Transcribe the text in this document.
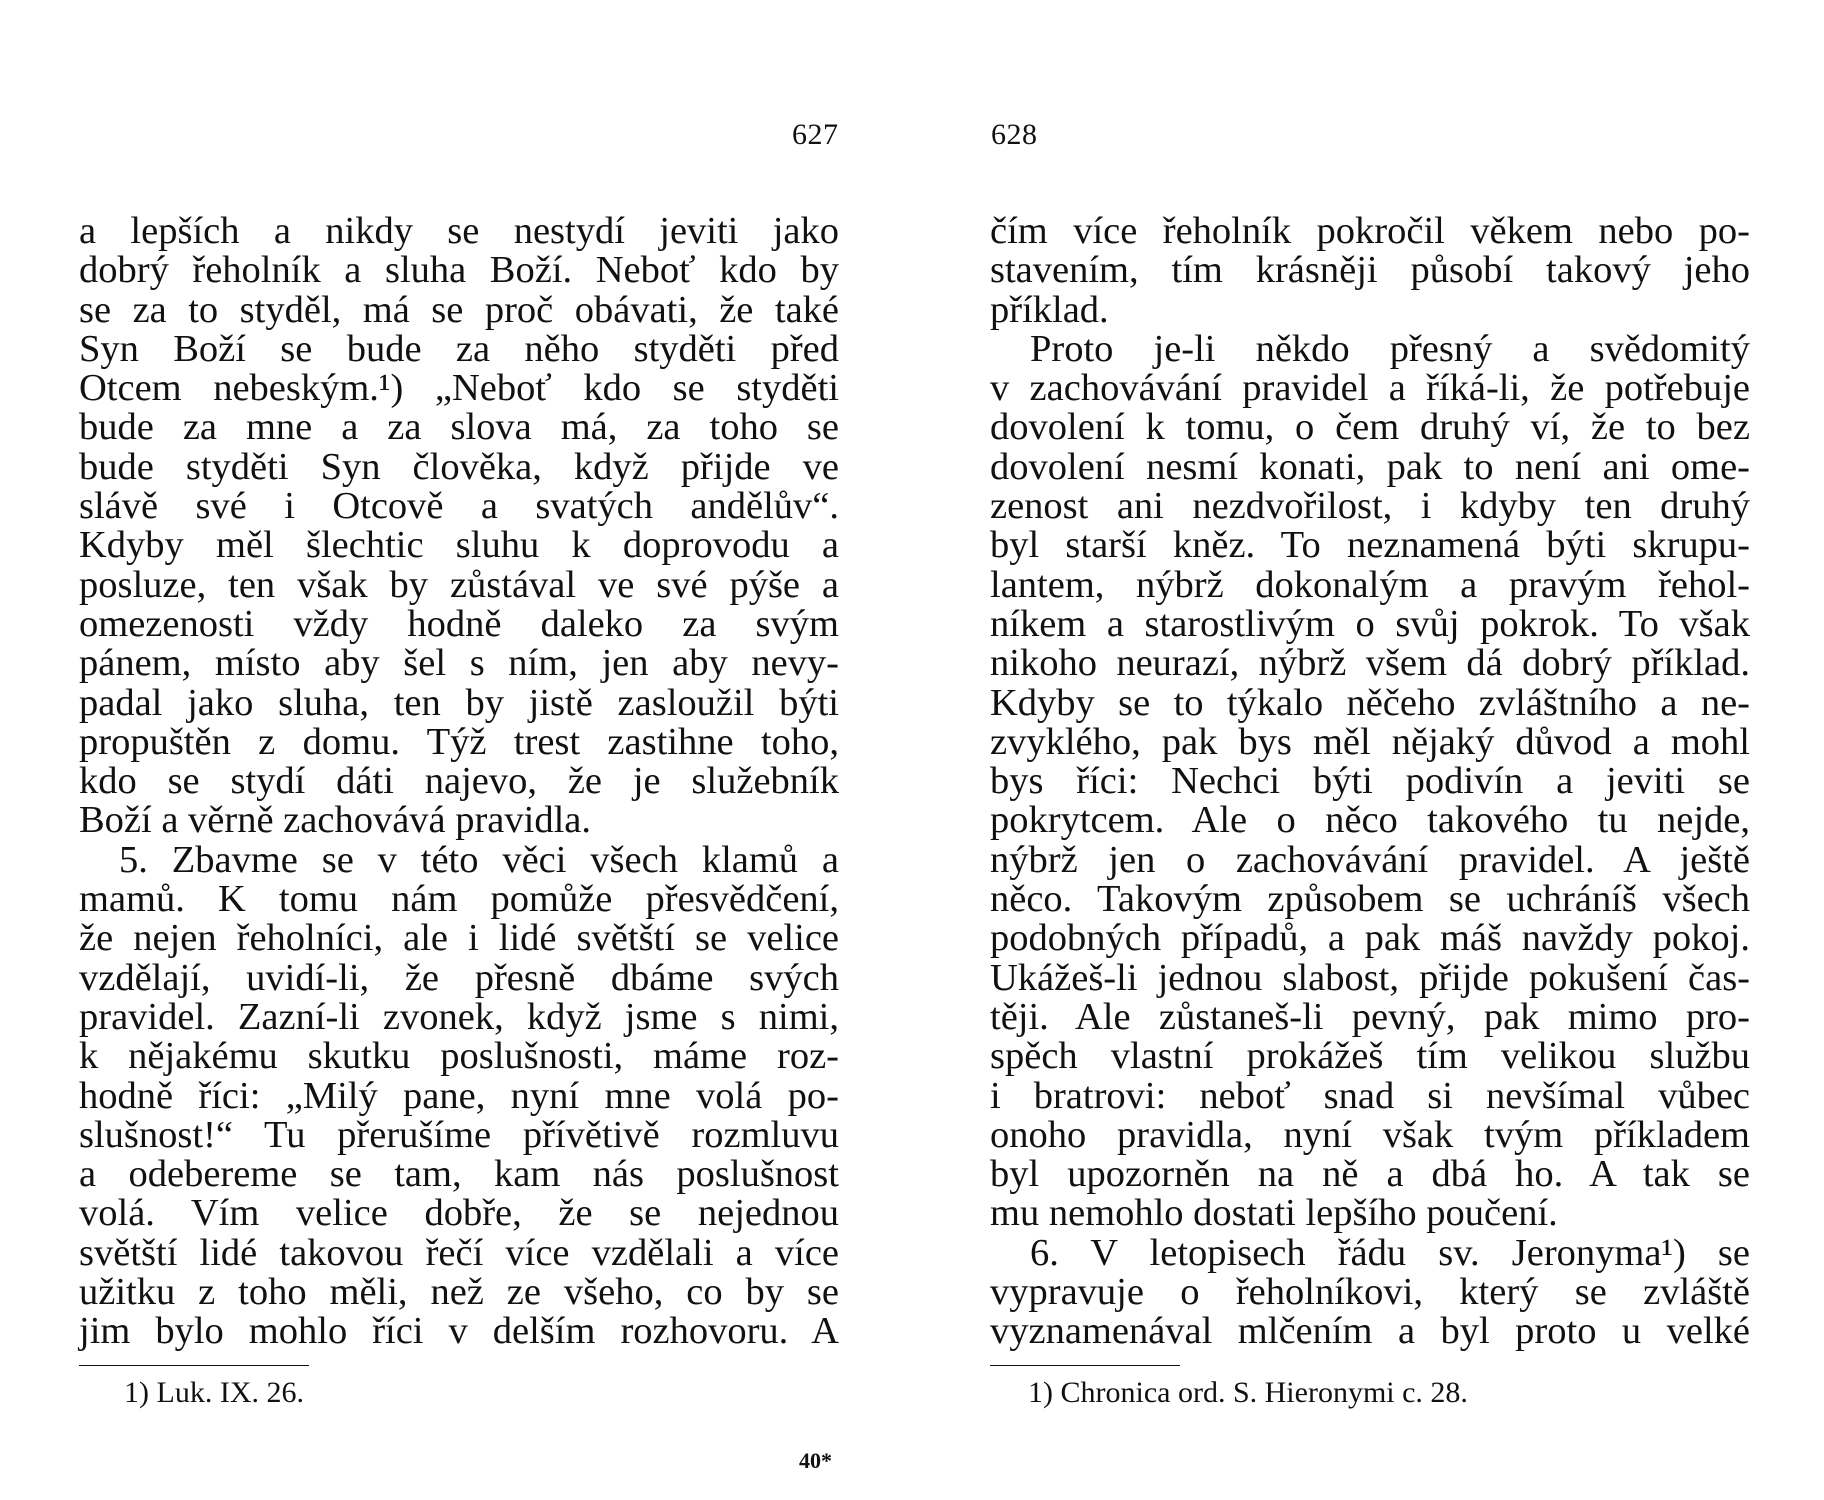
627	628
a lepších a nikdy se nestydí jeviti jako
dobrý řeholník a sluha Boží. Neboť kdo by
se za to styděl, má se proč obávati, že také
Syn Boží se bude za něho styděti před
Otcem nebeským.¹) „Neboť kdo se styděti
bude za mne a za slova má, za toho se
bude styděti Syn člověka, když přijde ve
slávě své i Otcově a svatých andělův“.
Kdyby měl šlechtic sluhu k doprovodu a
posluze, ten však by zůstával ve své pýše a
omezenosti vždy hodně daleko za svým
pánem, místo aby šel s ním, jen aby nevy-
padal jako sluha, ten by jistě zasloužil býti
propuštěn z domu. Týž trest zastihne toho,
kdo se stydí dáti najevo, že je služebník
Boží a věrně zachovává pravidla.
5. Zbavme se v této věci všech klamů a
mamů. K tomu nám pomůže přesvědčení,
že nejen řeholníci, ale i lidé světští se velice
vzdělají, uvidí-li, že přesně dbáme svých
pravidel. Zazní-li zvonek, když jsme s nimi,
k nějakému skutku poslušnosti, máme roz-
hodně říci: „Milý pane, nyní mne volá po-
slušnost!“ Tu přerušíme přívětivě rozmluvu
a odebereme se tam, kam nás poslušnost
volá. Vím velice dobře, že se nejednou
světští lidé takovou řečí více vzdělali a více
užitku z toho měli, než ze všeho, co by se
jim bylo mohlo říci v delším rozhovoru. A
čím více řeholník pokročil věkem nebo po-
stavením, tím krásněji působí takový jeho
příklad.
Proto je-li někdo přesný a svědomitý
v zachovávání pravidel a říká-li, že potřebuje
dovolení k tomu, o čem druhý ví, že to bez
dovolení nesmí konati, pak to není ani ome-
zenost ani nezdvořilost, i kdyby ten druhý
byl starší kněz. To neznamená býti skrupu-
lantem, nýbrž dokonalým a pravým řehol-
níkem a starostlivým o svůj pokrok. To však
nikoho neurazí, nýbrž všem dá dobrý příklad.
Kdyby se to týkalo něčeho zvláštního a ne-
zvyklého, pak bys měl nějaký důvod a mohl
bys říci: Nechci býti podivín a jeviti se
pokrytcem. Ale o něco takového tu nejde,
nýbrž jen o zachovávání pravidel. A ještě
něco. Takovým způsobem se uchráníš všech
podobných případů, a pak máš navždy pokoj.
Ukážeš-li jednou slabost, přijde pokušení čas-
těji. Ale zůstaneš-li pevný, pak mimo pro-
spěch vlastní prokážeš tím velikou službu
i bratrovi: neboť snad si nevšímal vůbec
onoho pravidla, nyní však tvým příkladem
byl upozorněn na ně a dbá ho. A tak se
mu nemohlo dostati lepšího poučení.
6. V letopisech řádu sv. Jeronyma¹) se
vypravuje o řeholníkovi, který se zvláště
vyznamenával mlčením a byl proto u velké
1) Luk. IX. 26.	1) Chronica ord. S. Hieronymi c. 28.
40*
